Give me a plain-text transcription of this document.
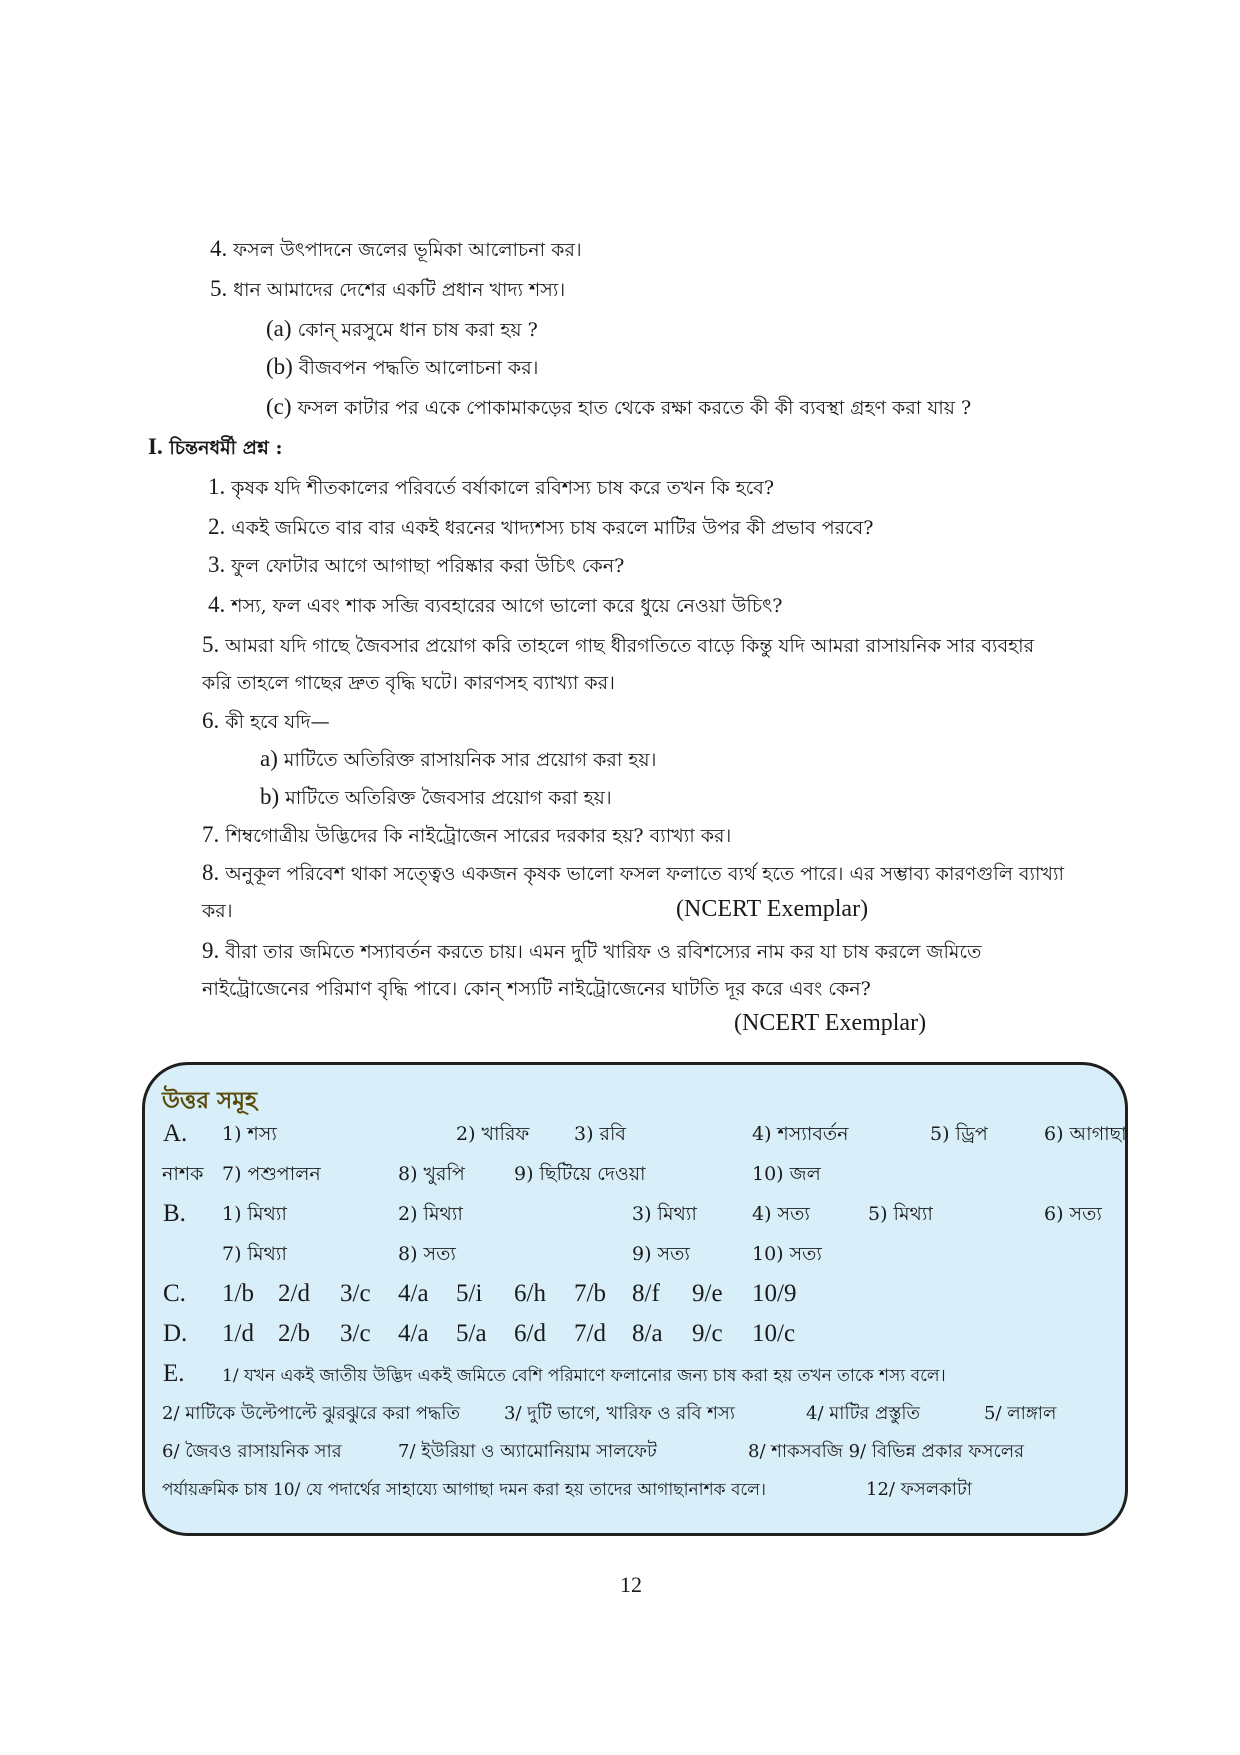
4. ফসল উৎপাদনে জলের ভূমিকা আলোচনা কর।
5. ধান আমাদের দেশের একটি প্রধান খাদ্য শস্য।
(a) কোন্ মরসুমে ধান চাষ করা হয় ?
(b) বীজবপন পদ্ধতি আলোচনা কর।
(c) ফসল কাটার পর একে পোকামাকড়ের হাত থেকে রক্ষা করতে কী কী ব্যবস্থা গ্রহণ করা যায় ?
I. চিন্তনধর্মী প্রশ্ন :
1. কৃষক যদি শীতকালের পরিবর্তে বর্ষাকালে রবিশস্য চাষ করে তখন কি হবে?
2. একই জমিতে বার বার একই ধরনের খাদ্যশস্য চাষ করলে মাটির উপর কী প্রভাব পরবে?
3. ফুল ফোটার আগে আগাছা পরিষ্কার করা উচিৎ কেন?
4. শস্য, ফল এবং শাক সব্জি ব্যবহারের আগে ভালো করে ধুয়ে নেওয়া উচিৎ?
5. আমরা যদি গাছে জৈবসার প্রয়োগ করি তাহলে গাছ ধীরগতিতে বাড়ে কিন্তু যদি আমরা রাসায়নিক সার ব্যবহার
করি তাহলে গাছের দ্রুত বৃদ্ধি ঘটে। কারণসহ ব্যাখ্যা কর।
6. কী হবে যদি—
a) মাটিতে অতিরিক্ত রাসায়নিক সার প্রয়োগ করা হয়।
b) মাটিতে অতিরিক্ত জৈবসার প্রয়োগ করা হয়।
7. শিম্বগোত্রীয় উদ্ভিদের কি নাইট্রোজেন সারের দরকার হয়? ব্যাখ্যা কর।
8. অনুকূল পরিবেশ থাকা সত্ত্বেও একজন কৃষক ভালো ফসল ফলাতে ব্যর্থ হতে পারে। এর সম্ভাব্য কারণগুলি ব্যাখ্যা
কর।	(NCERT Exemplar)
9. বীরা তার জমিতে শস্যাবর্তন করতে চায়। এমন দুটি খারিফ ও রবিশস্যের নাম কর যা চাষ করলে জমিতে
নাইট্রোজেনের পরিমাণ বৃদ্ধি পাবে। কোন্ শস্যটি নাইট্রোজেনের ঘাটতি দূর করে এবং কেন?
(NCERT Exemplar)
উত্তর সমূহ
A. 1) শস্য	2) খারিফ 3) রবি	4) শস্যাবর্তন	5) ড্রিপ	6) আগাছা
নাশক 7) পশুপালন	8) খুরপি	9) ছিটিয়ে দেওয়া	10) জল
B. 1) মিথ্যা	2) মিথ্যা	3) মিথ্যা	4) সত্য	5) মিথ্যা	6) সত্য
7) মিথ্যা	8) সত্য	9) সত্য	10) সত্য
C. 1/b 2/d 3/c 4/a 5/i 6/h 7/b 8/f 9/e 10/9
D. 1/d 2/b 3/c 4/a 5/a 6/d 7/d 8/a 9/c 10/c
E. 1/ যখন একই জাতীয় উদ্ভিদ একই জমিতে বেশি পরিমাণে ফলানোর জন্য চাষ করা হয় তখন তাকে শস্য বলে।
2/ মাটিকে উল্টেপাল্টে ঝুরঝুরে করা পদ্ধতি 3/ দুটি ভাগে, খারিফ ও রবি শস্য	4/ মাটির প্রস্তুতি	5/ লাঙ্গাল
6/ জৈবও রাসায়নিক সার	7/ ইউরিয়া ও অ্যামোনিয়াম সালফেট	8/ শাকসবজি 9/ বিভিন্ন প্রকার ফসলের
পর্যায়ক্রমিক চাষ 10/ যে পদার্থের সাহায্যে আগাছা দমন করা হয় তাদের আগাছানাশক বলে।	12/ ফসলকাটা
12
